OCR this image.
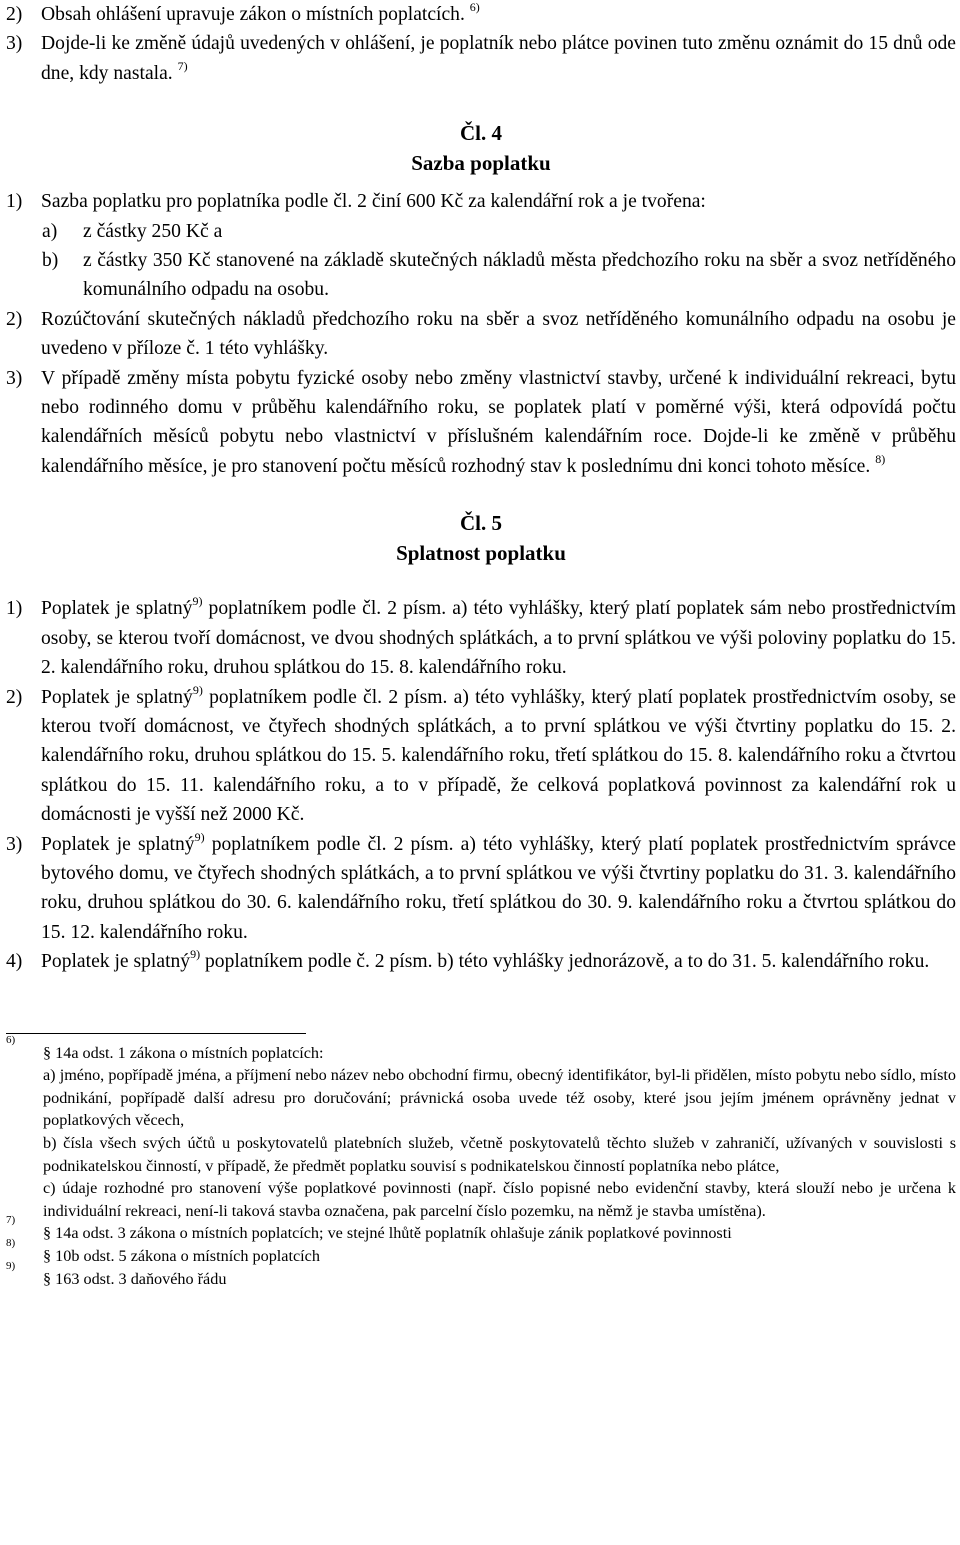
2) Obsah ohlášení upravuje zákon o místních poplatcích. $^{6)}$

3) Dojde-li ke změně údajů uvedených v ohlášení, je poplatník nebo plátce povinen tuto změnu oznámit do 15 dnů ode dne, kdy nastala. $^{7)}$

Čl. 4

Sazba poplatku

1) Sazba poplatku pro poplatníka podle čl. 2 činí 600 Kč za kalendářní rok a je tvořena:

a) z částky 250 Kč a

b) z částky 350 Kč stanovené na základě skutečných nákladů města předchozího roku na sběr a svoz netříděného komunálního odpadu na osobu.

2) Rozúčtování skutečných nákladů předchozího roku na sběr a svoz netříděného komunálního odpadu na osobu je uvedeno v příloze č. 1 této vyhlášky.

3) V případě změny místa pobytu fyzické osoby nebo změny vlastnictví stavby, určené k individuální rekreaci, bytu nebo rodinného domu v průběhu kalendářního roku, se poplatek platí v poměrné výši, která odpovídá počtu kalendářních měsíců pobytu nebo vlastnictví v příslušném kalendářním roce. Dojde-li ke změně v průběhu kalendářního měsíce, je pro stanovení počtu měsíců rozhodný stav k poslednímu dni konci tohoto měsíce. $^{8)}$

Čl. 5

Splatnost poplatku

1) Poplatek je splatný$^{9)}$ poplatníkem podle čl. 2 písm. a) této vyhlášky, který platí poplatek sám nebo prostřednictvím osoby, se kterou tvoří domácnost, ve dvou shodných splátkách, a to první splátkou ve výši poloviny poplatku do 15. 2. kalendářního roku, druhou splátkou do 15. 8. kalendářního roku.

2) Poplatek je splatný$^{9)}$ poplatníkem podle čl. 2 písm. a) této vyhlášky, který platí poplatek prostřednictvím osoby, se kterou tvoří domácnost, ve čtyřech shodných splátkách, a to první splátkou ve výši čtvrtiny poplatku do 15. 2. kalendářního roku, druhou splátkou do 15. 5. kalendářního roku, třetí splátkou do 15. 8. kalendářního roku a čtvrtou splátkou do 15. 11. kalendářního roku, a to v případě, že celková poplatková povinnost za kalendářní rok u domácnosti je vyšší než 2000 Kč.

3) Poplatek je splatný$^{9)}$ poplatníkem podle čl. 2 písm. a) této vyhlášky, který platí poplatek prostřednictvím správce bytového domu, ve čtyřech shodných splátkách, a to první splátkou ve výši čtvrtiny poplatku do 31. 3. kalendářního roku, druhou splátkou do 30. 6. kalendářního roku, třetí splátkou do 30. 9. kalendářního roku a čtvrtou splátkou do 15. 12. kalendářního roku.

4) Poplatek je splatný$^{9)}$ poplatníkem podle č. 2 písm. b) této vyhlášky jednorázově, a to do 31. 5. kalendářního roku.

6)
§ 14a odst. 1 zákona o místních poplatcích:
a) jméno, popřípadě jména, a příjmení nebo název nebo obchodní firmu, obecný identifikátor, byl-li přidělen, místo pobytu nebo sídlo, místo podnikání, popřípadě další adresu pro doručování; právnická osoba uvede též osoby, které jsou jejím jménem oprávněny jednat v poplatkových věcech,
b) čísla všech svých účtů u poskytovatelů platebních služeb, včetně poskytovatelů těchto služeb v zahraničí, užívaných v souvislosti s podnikatelskou činností, v případě, že předmět poplatku souvisí s podnikatelskou činností poplatníka nebo plátce,
c) údaje rozhodné pro stanovení výše poplatkové povinnosti (např. číslo popisné nebo evidenční stavby, která slouží nebo je určena k individuální rekreaci, není-li taková stavba označena, pak parcelní číslo pozemku, na němž je stavba umístěna).
7)
§ 14a odst. 3 zákona o místních poplatcích; ve stejné lhůtě poplatník ohlašuje zánik poplatkové povinnosti
8)
§ 10b odst. 5 zákona o místních poplatcích
9)
§ 163 odst. 3 daňového řádu
